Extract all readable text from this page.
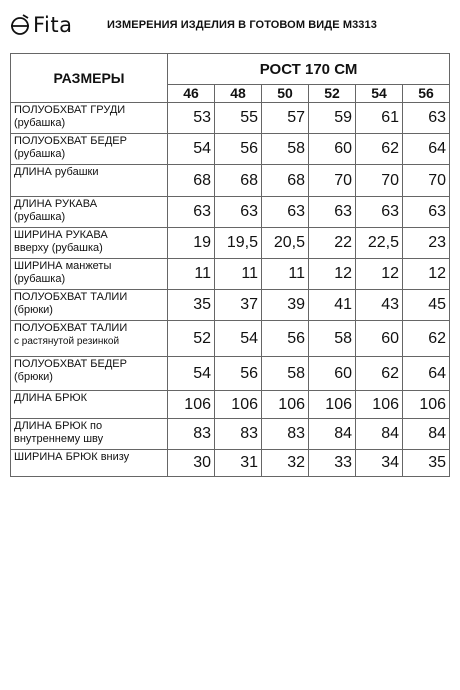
Fita	ИЗМЕРЕНИЯ ИЗДЕЛИЯ В ГОТОВОМ ВИДЕ M3313
РАЗМЕРЫ	РОСТ 170 СМ					
	46	48	50	52	54	56

ПОЛУОБХВАТ ГРУДИ
(рубашка)	53	55	57	59	61	63

ПОЛУОБХВАТ БЕДЕР
(рубашка)	54	56	58	60	62	64

ДЛИНА рубашки	68	68	68	70	70	70

ДЛИНА РУКАВА
(рубашка)	63	63	63	63	63	63

ШИРИНА РУКАВА
вверху (рубашка)	19	19,5	20,5	22	22,5	23

ШИРИНА манжеты
(рубашка)	11	11	11	12	12	12

ПОЛУОБХВАТ ТАЛИИ
(брюки)	35	37	39	41	43	45

ПОЛУОБХВАТ ТАЛИИ
с растянутой резинкой	52	54	56	58	60	62

ПОЛУОБХВАТ БЕДЕР
(брюки)	54	56	58	60	62	64

ДЛИНА БРЮК	106	106	106	106	106	106

ДЛИНА БРЮК по
внутреннему шву	83	83	83	84	84	84

ШИРИНА БРЮК внизу	30	31	32	33	34	35
